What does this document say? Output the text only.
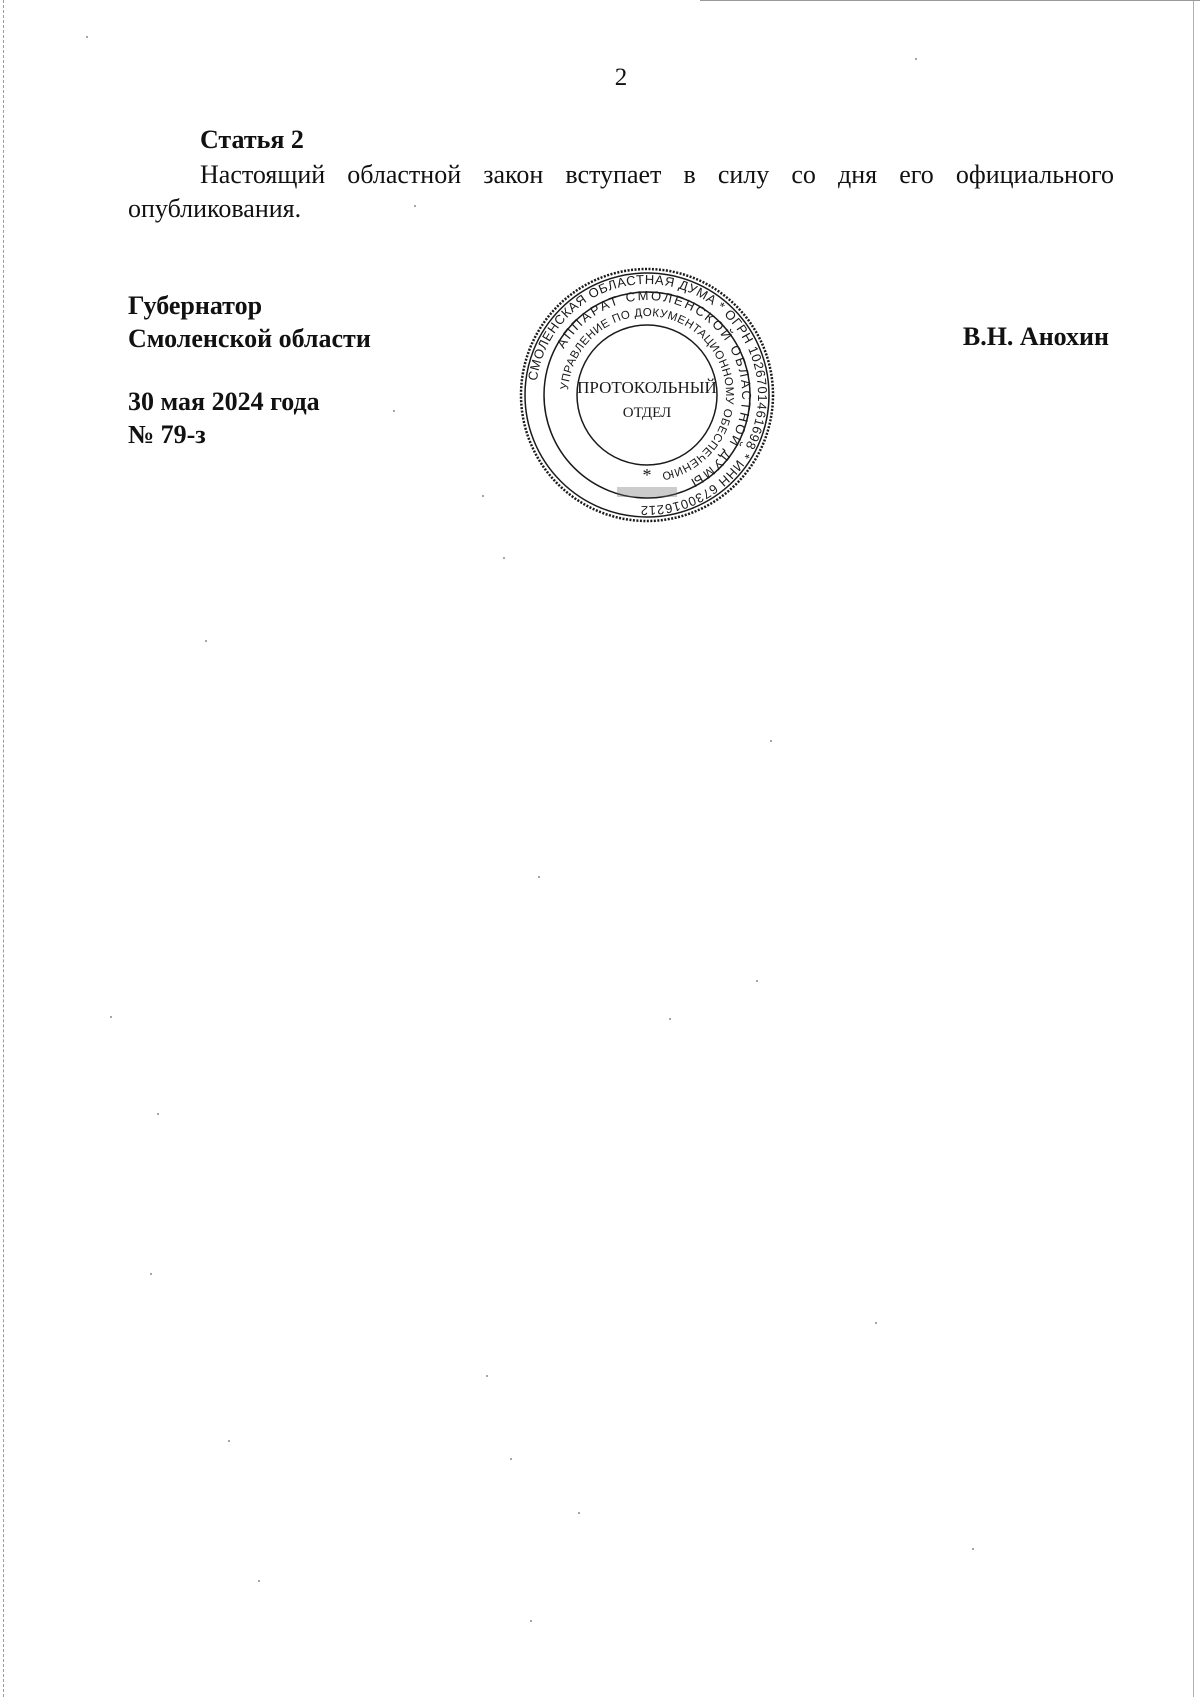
2
Статья 2

Настоящий областной закон вступает в силу со дня его официального опубликования.

Губернатор
Смоленской области
30 мая 2024 года
№ 79-з
В.Н. Анохин
СМОЛЕНСКАЯ ОБЛАСТНАЯ ДУМА * ОГРН 1026701461698 * ИНН 6730016212
АППАРАТ СМОЛЕНСКОЙ ОБЛАСТНОЙ ДУМЫ
УПРАВЛЕНИЕ ПО ДОКУМЕНТАЦИОННОМУ ОБЕСПЕЧЕНИЮ
ПРОТОКОЛЬНЫЙ
ОТДЕЛ
*
